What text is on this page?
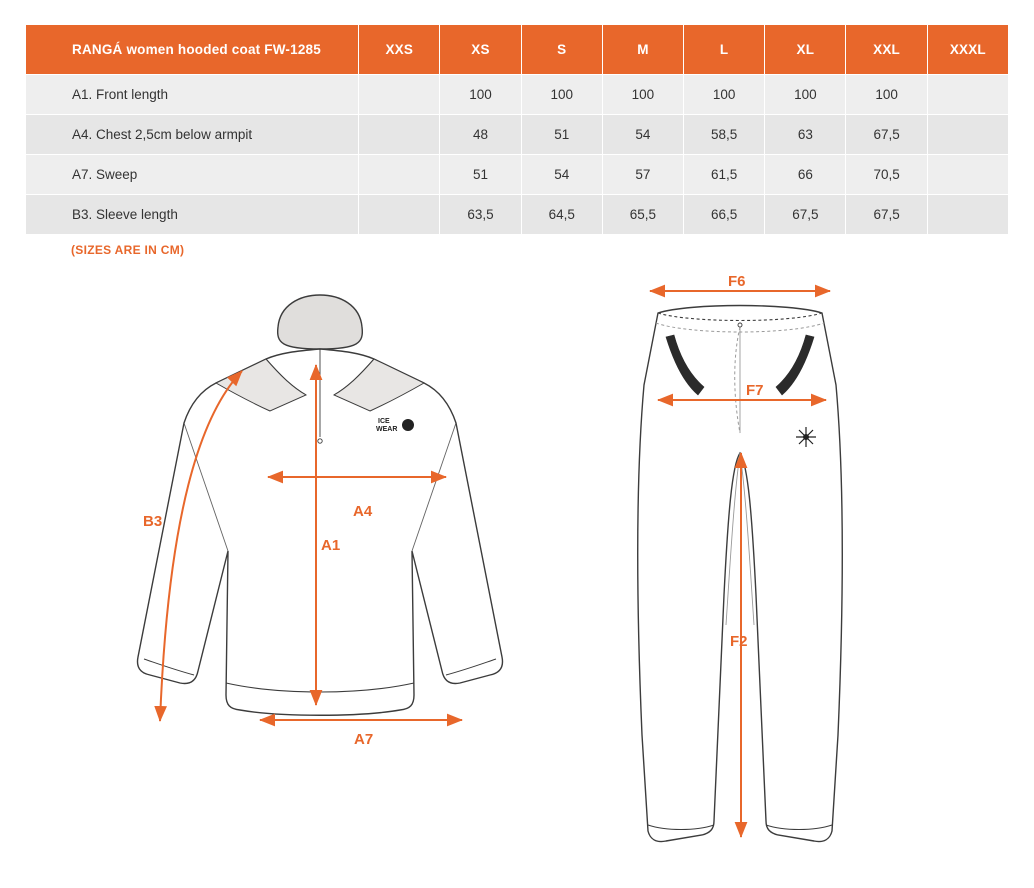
RANGÁ women hooded coat FW-1285	XXS	XS	S	M	L	XL	XXL	XXXL
A1. Front length		100	100	100	100	100	100	
A4. Chest 2,5cm below armpit		48	51	54	58,5	63	67,5	
A7. Sweep		51	54	57	61,5	66	70,5	
B3. Sleeve length		63,5	64,5	65,5	66,5	67,5	67,5	
(SIZES ARE IN CM)
ICE
WEAR
B3
A4
A1
A7
F6
F7
F2
